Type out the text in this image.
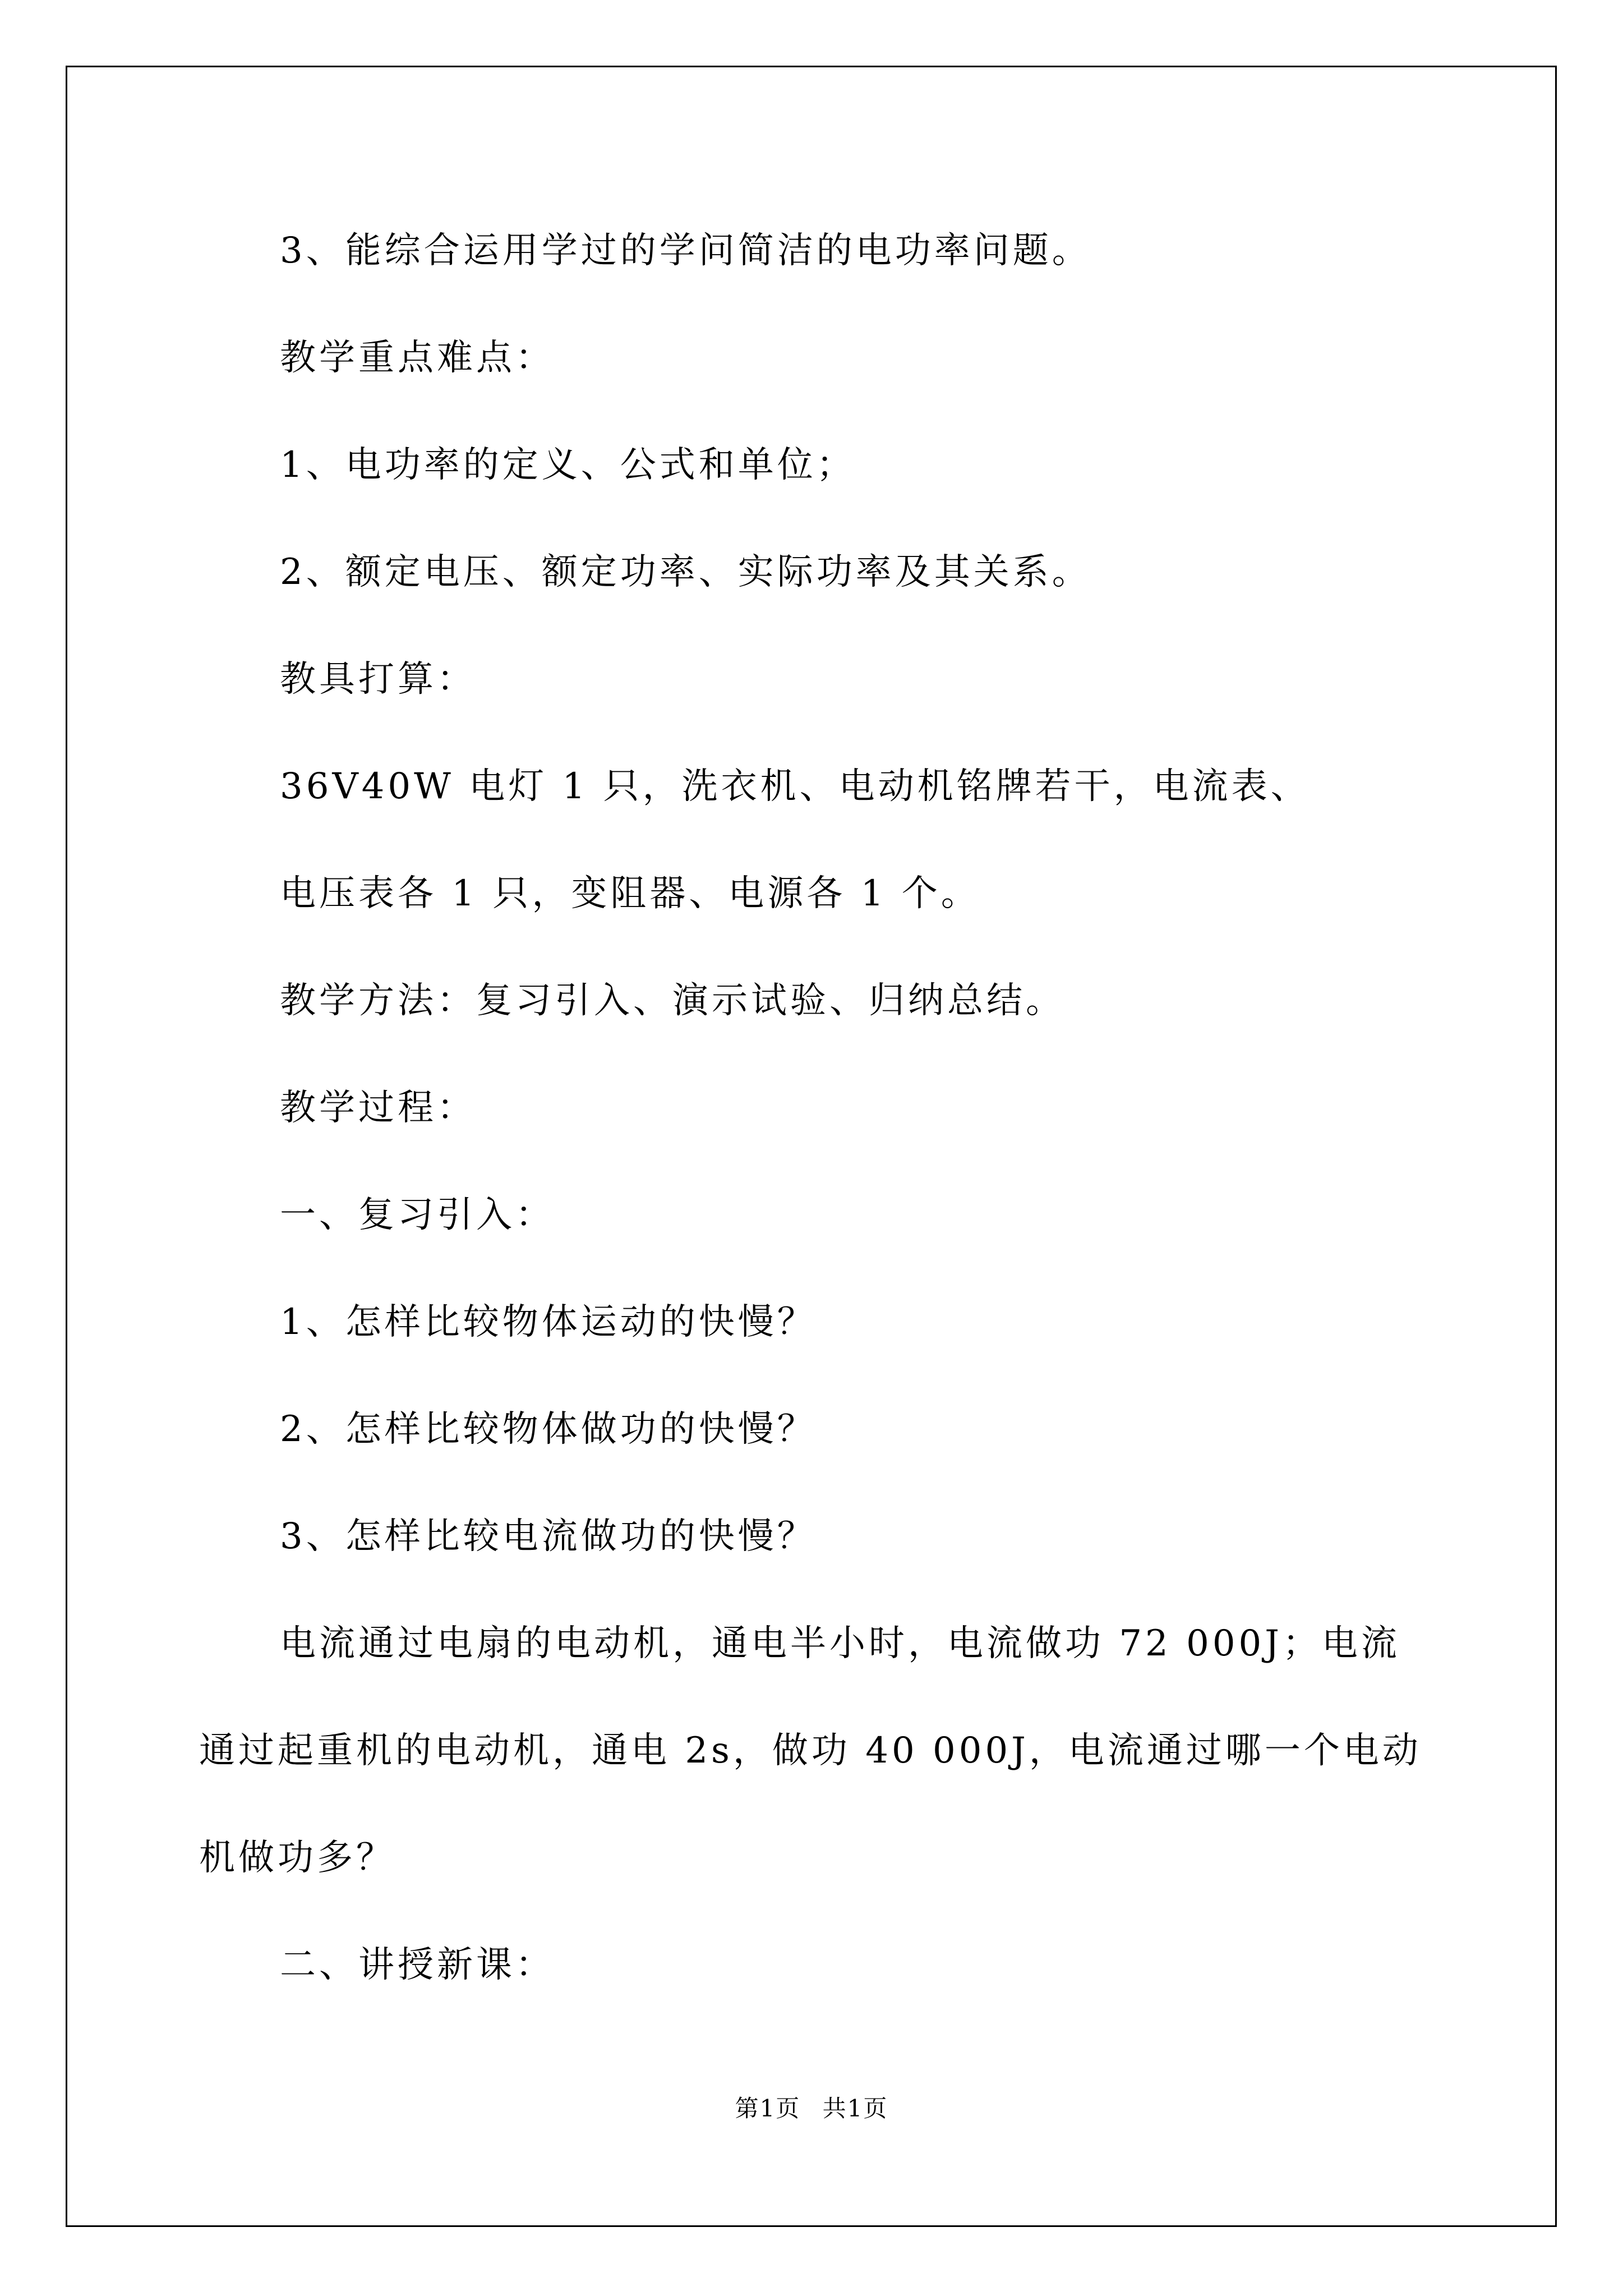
3、能综合运用学过的学问简洁的电功率问题。
教学重点难点：
1、电功率的定义、公式和单位；
2、额定电压、额定功率、实际功率及其关系。
教具打算：
36V40W 电灯 1 只，洗衣机、电动机铭牌若干，电流表、
电压表各 1 只，变阻器、电源各 1 个。
教学方法：复习引入、演示试验、归纳总结。
教学过程：
一、复习引入：
1、怎样比较物体运动的快慢？
2、怎样比较物体做功的快慢？
3、怎样比较电流做功的快慢？
电流通过电扇的电动机，通电半小时，电流做功 72 000J；电流
通过起重机的电动机，通电 2s，做功 40 000J，电流通过哪一个电动
机做功多？
二、讲授新课：
第1页 共1页
